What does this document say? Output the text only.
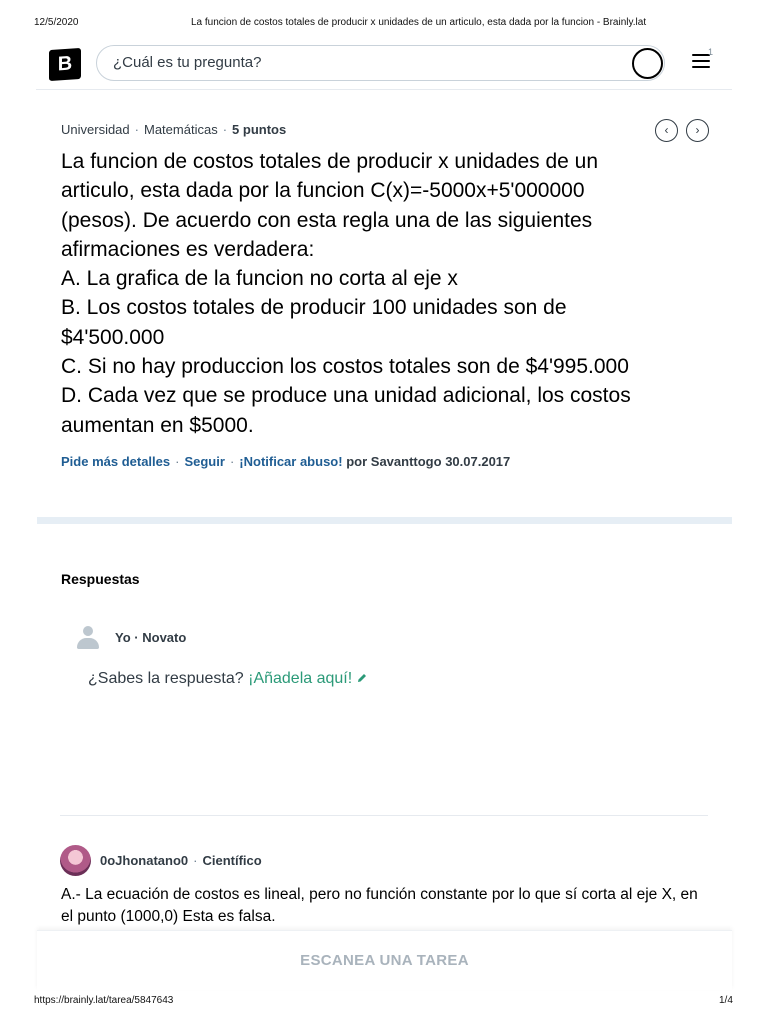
12/5/2020	La funcion de costos totales de producir x unidades de un articulo, esta dada por la funcion - Brainly.lat
B
¿Cuál es tu pregunta?
1
Universidad · Matemáticas · 5 puntos	‹	›

La funcion de costos totales de producir x unidades de un

articulo, esta dada por la funcion C(x)=-5000x+5'000000

(pesos). De acuerdo con esta regla una de las siguientes

afirmaciones es verdadera:

A. La grafica de la funcion no corta al eje x

B. Los costos totales de producir 100 unidades son de

$4'500.000

C. Si no hay produccion los costos totales son de $4'995.000

D. Cada vez que se produce una unidad adicional, los costos

aumentan en $5000.

Pide más detalles · Seguir · ¡Notificar abuso! por Savanttogo 30.07.2017
Respuestas
Yo · Novato
¿Sabes la respuesta? ¡Añadela aquí!
0oJhonatano0 · Científico
A.- La ecuación de costos es lineal, pero no función constante por lo que sí corta al eje X, en el punto (1000,0) Esta es falsa.
ESCANEA UNA TAREA
https://brainly.lat/tarea/5847643	1/4
